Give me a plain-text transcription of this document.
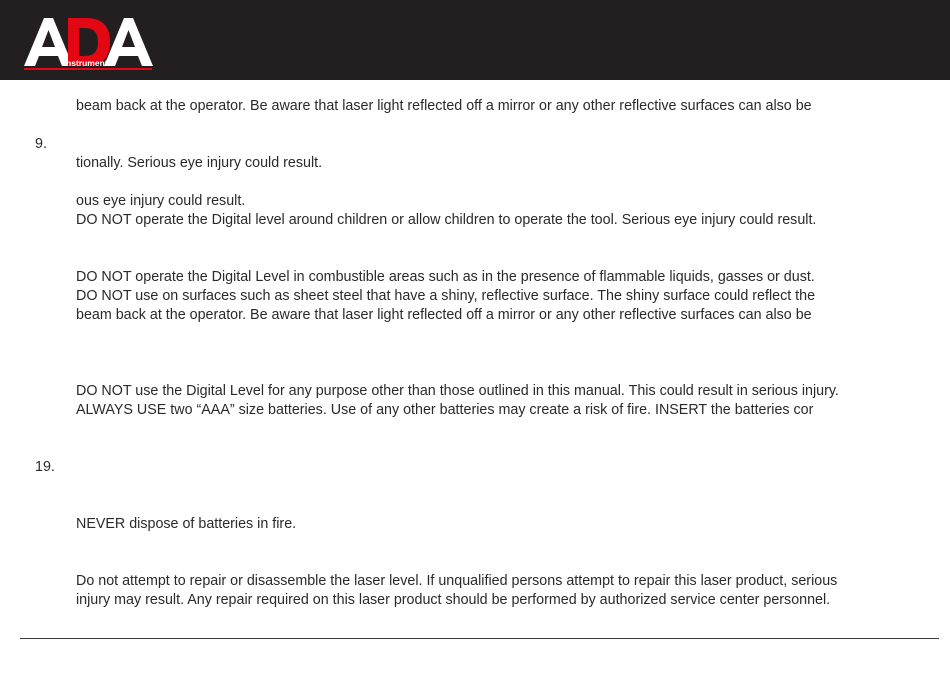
instruments
beam back at the operator. Be aware that laser light reflected off a mirror or any other reflective surfaces can also be
9.
tionally. Serious eye injury could result.
ous eye injury could result.
DO NOT operate the Digital level around children or allow children to operate the tool. Serious eye injury could result.
DO NOT operate the Digital Level in combustible areas such as in the presence of flammable liquids, gasses or dust.
DO NOT use on surfaces such as sheet steel that have a shiny, reflective surface. The shiny surface could reflect the
beam back at the operator. Be aware that laser light reflected off a mirror or any other reflective surfaces can also be
DO NOT use the Digital Level for any purpose other than those outlined in this manual. This could result in serious injury.
ALWAYS USE two “AAA” size batteries. Use of any other batteries may create a risk of fire. INSERT the batteries cor
19.
NEVER dispose of batteries in fire.
Do not attempt to repair or disassemble the laser level. If unqualified persons attempt to repair this laser product, serious
injury may result. Any repair required on this laser product should be performed by authorized service center personnel.
